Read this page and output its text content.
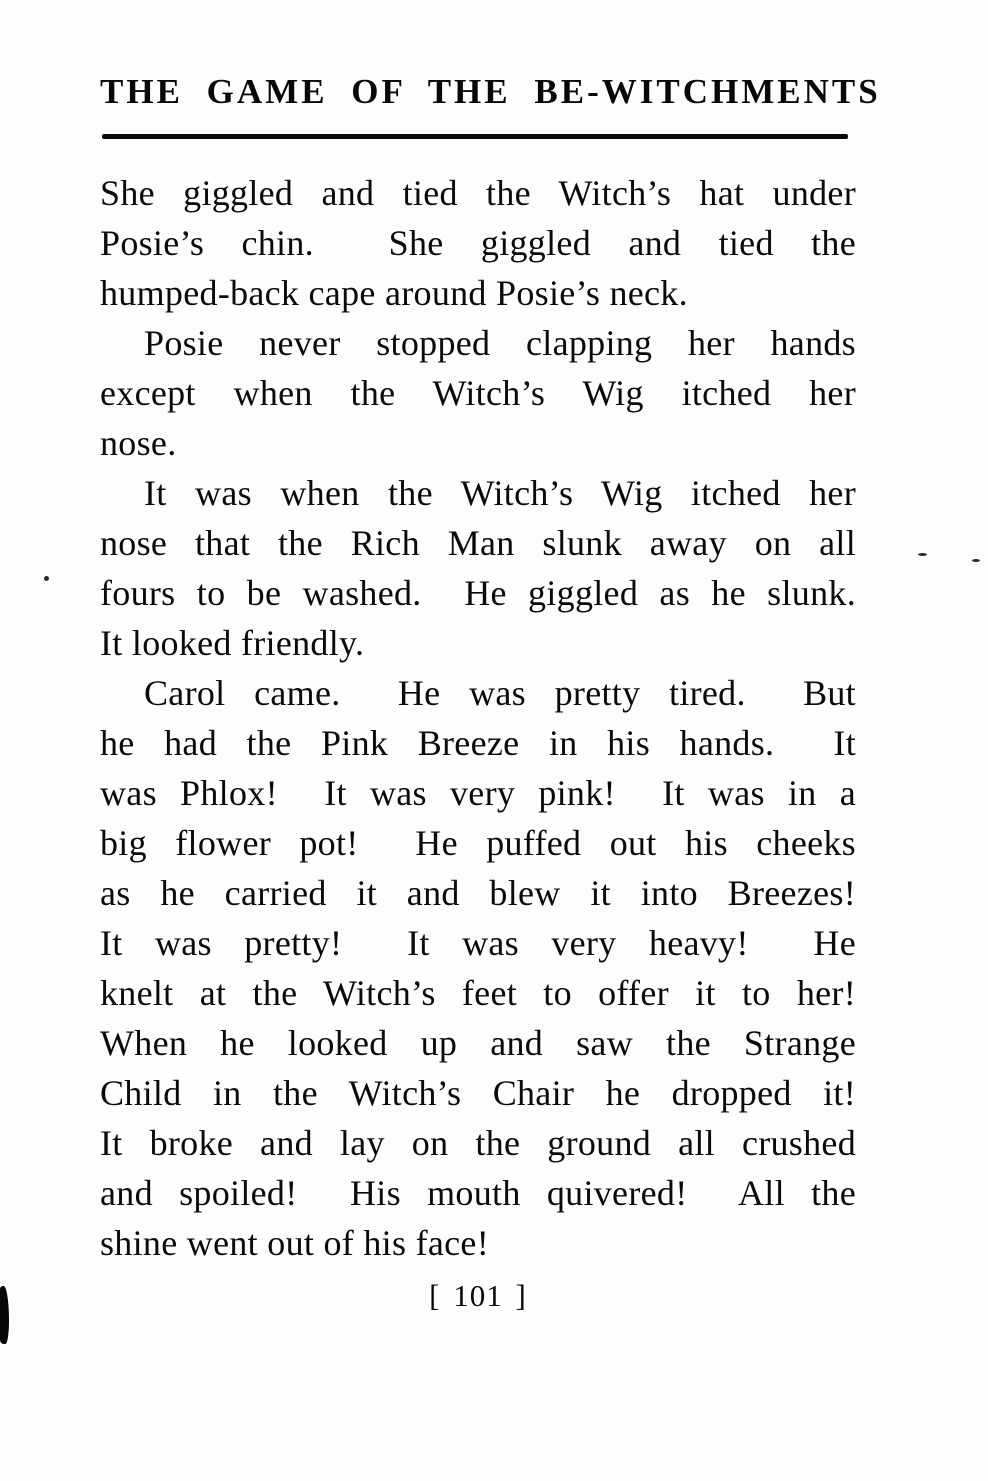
THE GAME OF THE BE-WITCHMENTS
She giggled and tied the Witch’s hat under
Posie’s chin.  She giggled and tied the
humped-back cape around Posie’s neck.
Posie never stopped clapping her hands
except when the Witch’s Wig itched her
nose.
It was when the Witch’s Wig itched her
nose that the Rich Man slunk away on all
fours to be washed.  He giggled as he slunk.
It looked friendly.
Carol came.  He was pretty tired.  But
he had the Pink Breeze in his hands.  It
was Phlox!  It was very pink!  It was in a
big flower pot!  He puffed out his cheeks
as he carried it and blew it into Breezes!
It was pretty!  It was very heavy!  He
knelt at the Witch’s feet to offer it to her!
When he looked up and saw the Strange
Child in the Witch’s Chair he dropped it!
It broke and lay on the ground all crushed
and spoiled!  His mouth quivered!  All the
shine went out of his face!
[ 101 ]
